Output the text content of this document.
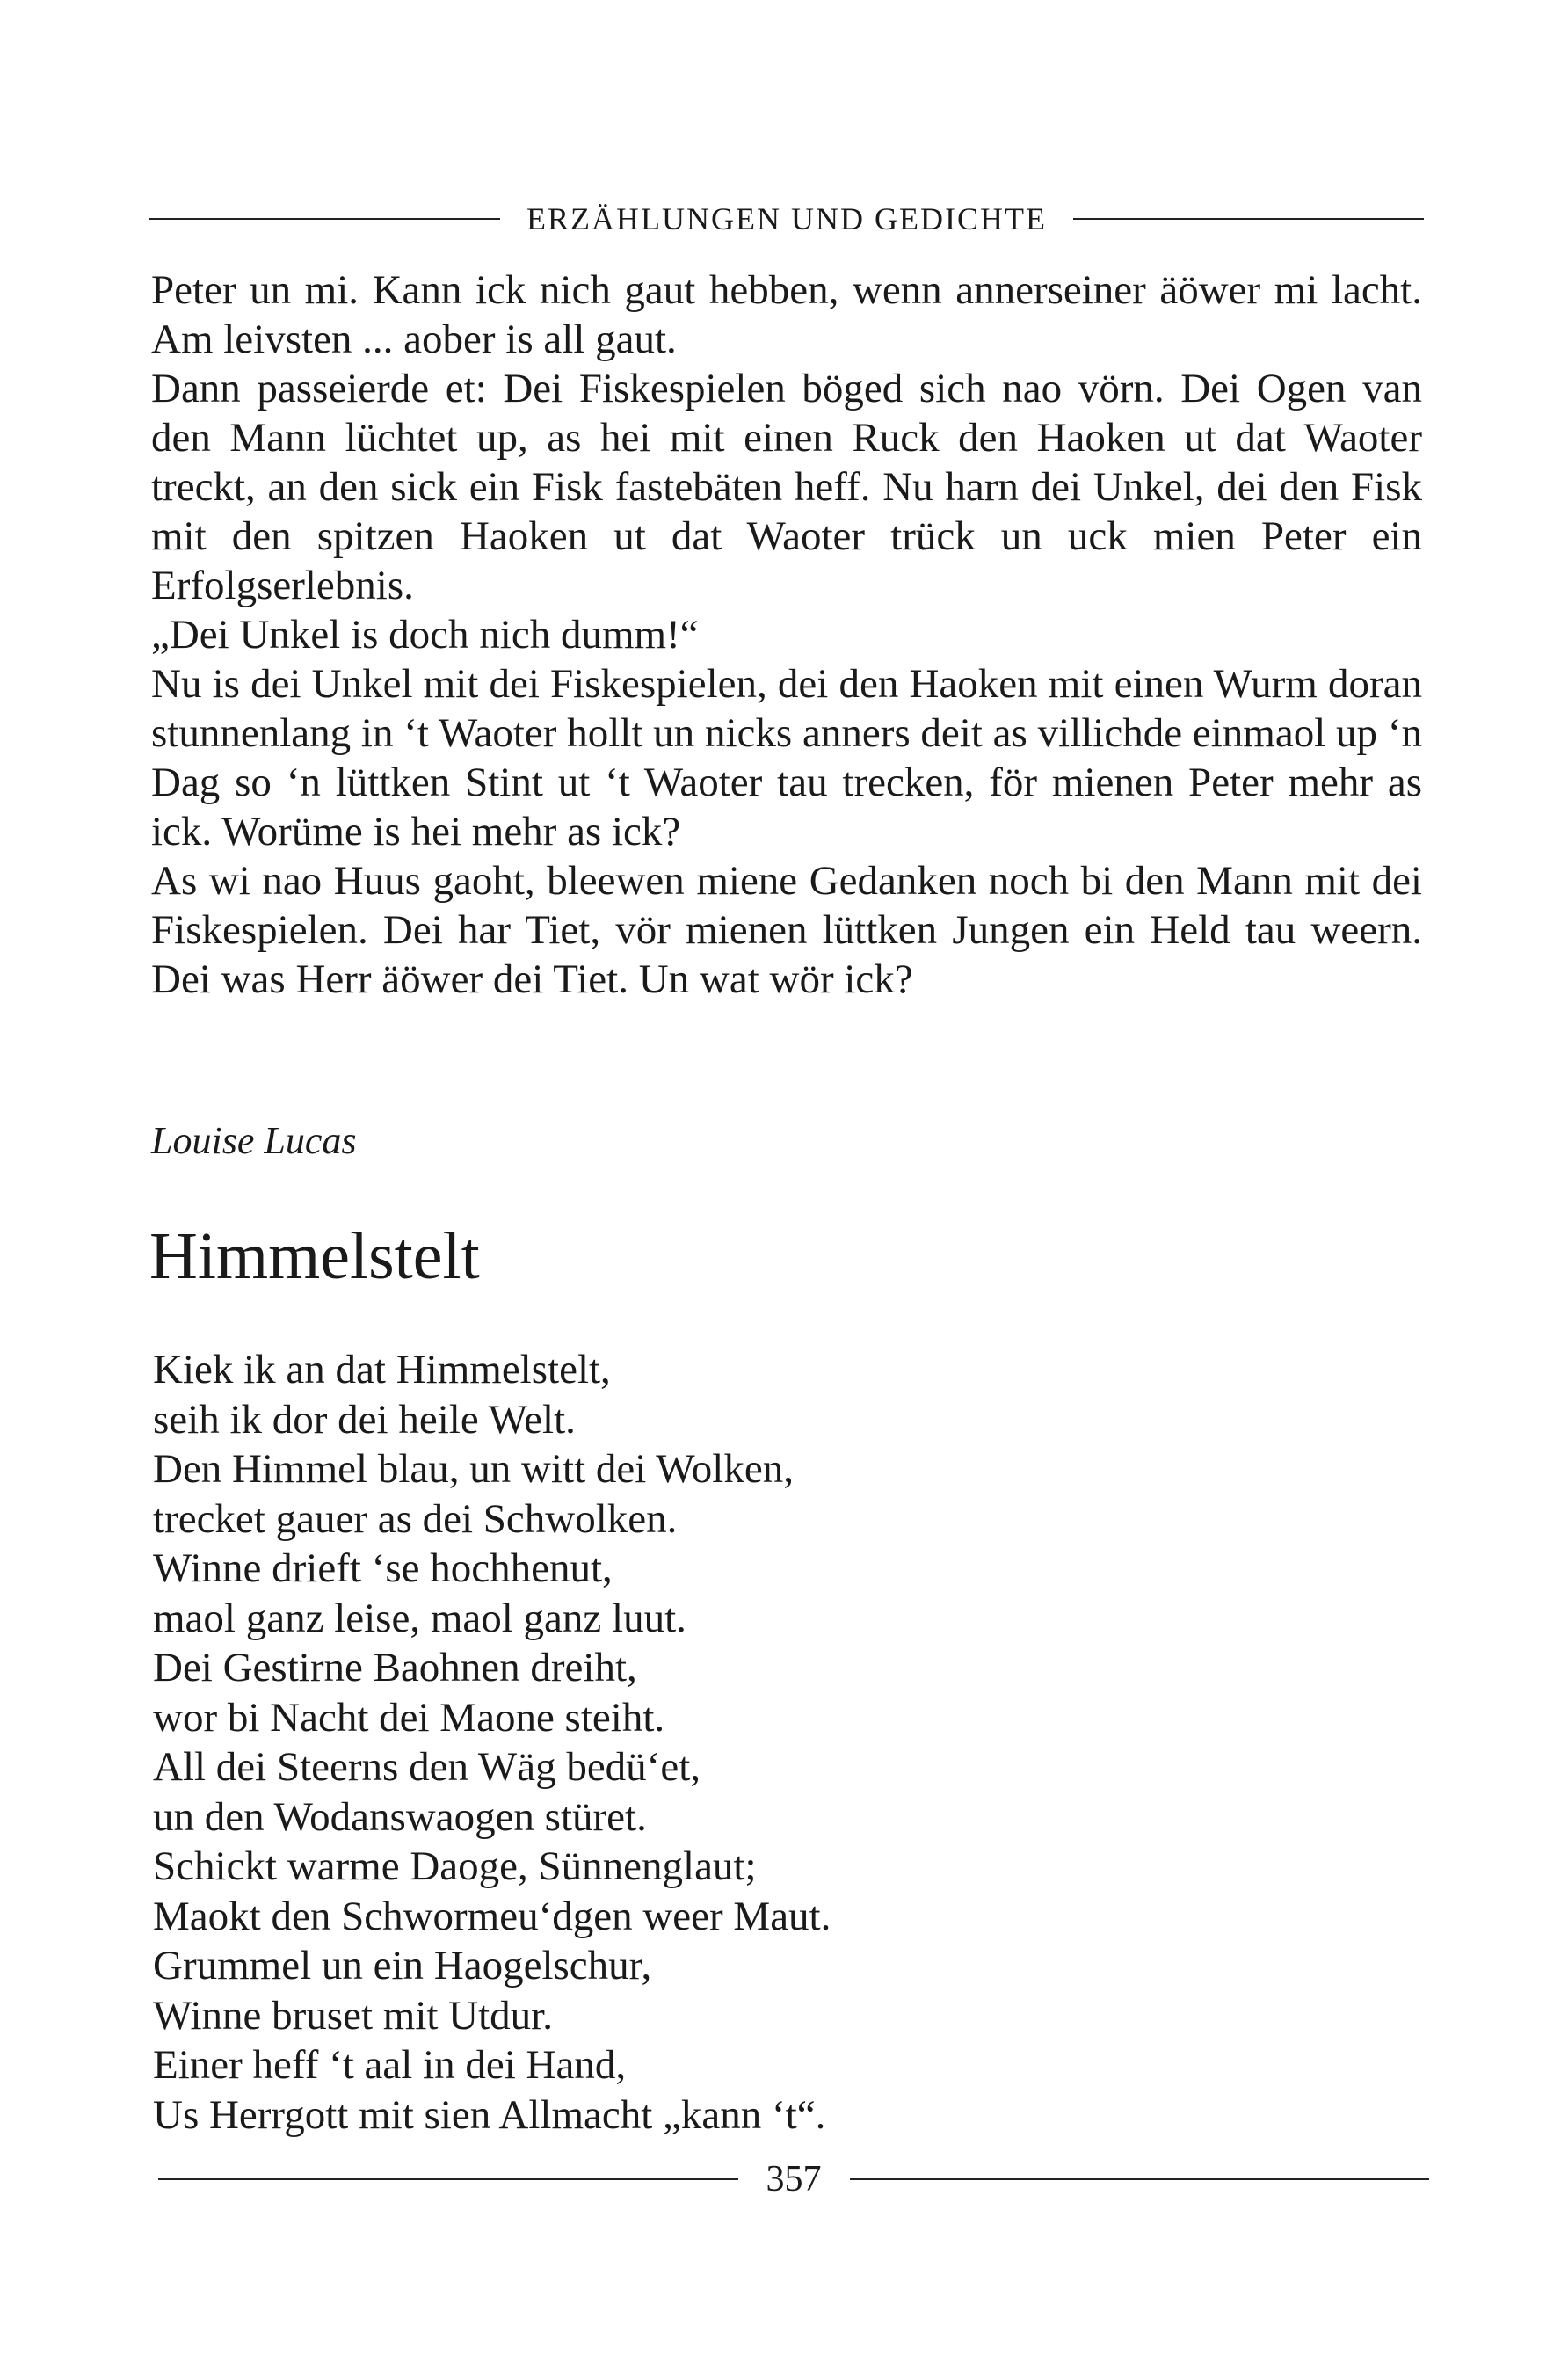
ERZÄHLUNGEN UND GEDICHTE

Peter un mi. Kann ick nich gaut hebben, wenn annerseiner äöwer mi lacht. Am leivsten ... aober is all gaut.

Dann passeierde et: Dei Fiskespielen böged sich nao vörn. Dei Ogen van den Mann lüchtet up, as hei mit einen Ruck den Haoken ut dat Waoter treckt, an den sick ein Fisk fastebäten heff. Nu harn dei Unkel, dei den Fisk mit den spitzen Haoken ut dat Waoter trück un uck mien Peter ein Erfolgserlebnis.

„Dei Unkel is doch nich dumm!“

Nu is dei Unkel mit dei Fiskespielen, dei den Haoken mit einen Wurm doran stunnenlang in ‘t Waoter hollt un nicks anners deit as villichde einmaol up ‘n Dag so ‘n lüttken Stint ut ‘t Waoter tau trecken, för mienen Peter mehr as ick. Worüme is hei mehr as ick?

As wi nao Huus gaoht, bleewen miene Gedanken noch bi den Mann mit dei Fiskespielen. Dei har Tiet, vör mienen lüttken Jungen ein Held tau weern. Dei was Herr äöwer dei Tiet. Un wat wör ick?

Louise Lucas
Himmelstelt
Kiek ik an dat Himmelstelt,
seih ik dor dei heile Welt.
Den Himmel blau, un witt dei Wolken,
trecket gauer as dei Schwolken.
Winne drieft ‘se hochhenut,
maol ganz leise, maol ganz luut.
Dei Gestirne Baohnen dreiht,
wor bi Nacht dei Maone steiht.
All dei Steerns den Wäg bedü‘et,
un den Wodanswaogen stüret.
Schickt warme Daoge, Sünnenglaut;
Maokt den Schwormeu‘dgen weer Maut.
Grummel un ein Haogelschur,
Winne bruset mit Utdur.
Einer heff ‘t aal in dei Hand,
Us Herrgott mit sien Allmacht „kann ‘t“.
357
